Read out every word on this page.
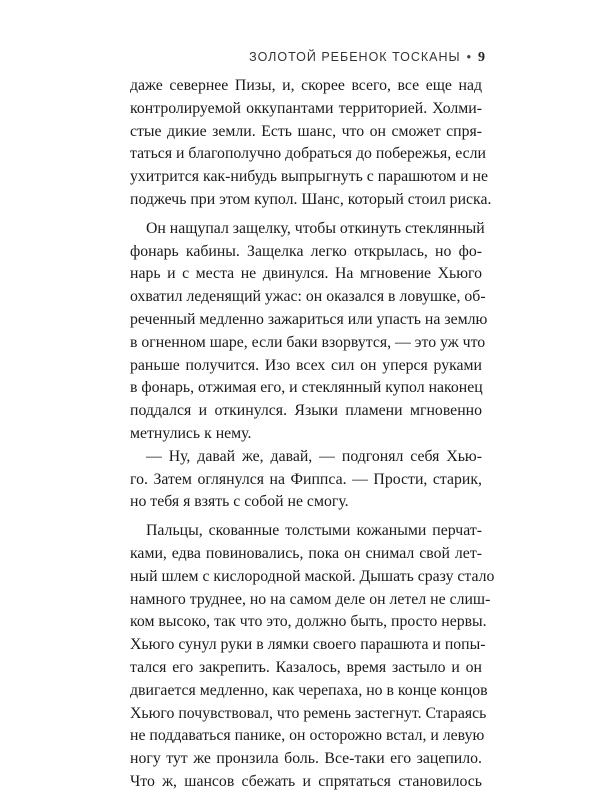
ЗОЛОТОЙ РЕБЕНОК ТОСКАНЫ • 9
даже севернее Пизы, и, скорее всего, все еще над
контролируемой оккупантами территорией. Холми-
стые дикие земли. Есть шанс, что он сможет спря-
таться и благополучно добраться до побережья, если
ухитрится как-нибудь выпрыгнуть с парашютом и не
поджечь при этом купол. Шанс, который стоил риска.
Он нащупал защелку, чтобы откинуть стеклянный
фонарь кабины. Защелка легко открылась, но фо-
нарь и с места не двинулся. На мгновение Хьюго
охватил леденящий ужас: он оказался в ловушке, об-
реченный медленно зажариться или упасть на землю
в огненном шаре, если баки взорвутся, — это уж что
раньше получится. Изо всех сил он уперся руками
в фонарь, отжимая его, и стеклянный купол наконец
поддался и откинулся. Языки пламени мгновенно
метнулись к нему.
— Ну, давай же, давай, — подгонял себя Хью-
го. Затем оглянулся на Фиппса. — Прости, старик,
но тебя я взять с собой не смогу.
Пальцы, скованные толстыми кожаными перчат-
ками, едва повиновались, пока он снимал свой лет-
ный шлем с кислородной маской. Дышать сразу стало
намного труднее, но на самом деле он летел не слиш-
ком высоко, так что это, должно быть, просто нервы.
Хьюго сунул руки в лямки своего парашюта и попы-
тался его закрепить. Казалось, время застыло и он
двигается медленно, как черепаха, но в конце концов
Хьюго почувствовал, что ремень застегнут. Стараясь
не поддаваться панике, он осторожно встал, и левую
ногу тут же пронзила боль. Все-таки его зацепило.
Что ж, шансов сбежать и спрятаться становилось
